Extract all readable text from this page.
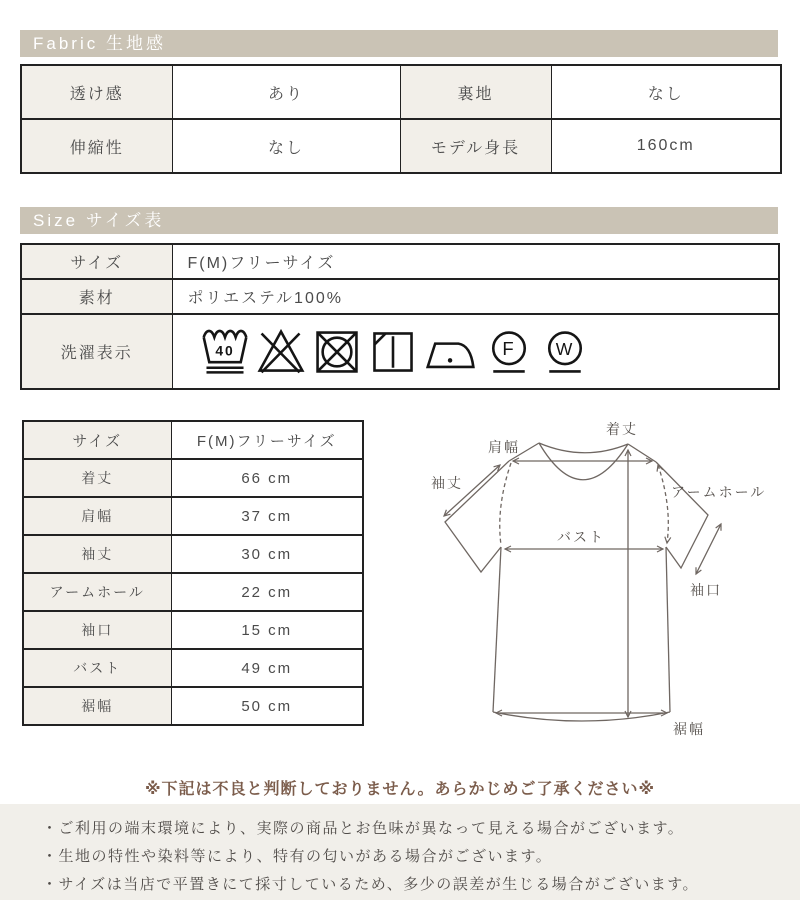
Fabric 生地感
透け感	あり	裏地	なし
伸縮性	なし	モデル身長	160cm
Size サイズ表
サイズ	F(M)フリーサイズ
素材	ポリエステル100%
洗濯表示	40 F W
サイズ	F(M)フリーサイズ
着丈	66 cm
肩幅	37 cm
袖丈	30 cm
アームホール	22 cm
袖口	15 cm
バスト	49 cm
裾幅	50 cm
肩幅
着丈
袖丈
アームホール
バスト
袖口
裾幅
※下記は不良と判断しておりません。あらかじめご了承ください※
・ご利用の端末環境により、実際の商品とお色味が異なって見える場合がございます。
・生地の特性や染料等により、特有の匂いがある場合がございます。
・サイズは当店で平置きにて採寸しているため、多少の誤差が生じる場合がございます。
